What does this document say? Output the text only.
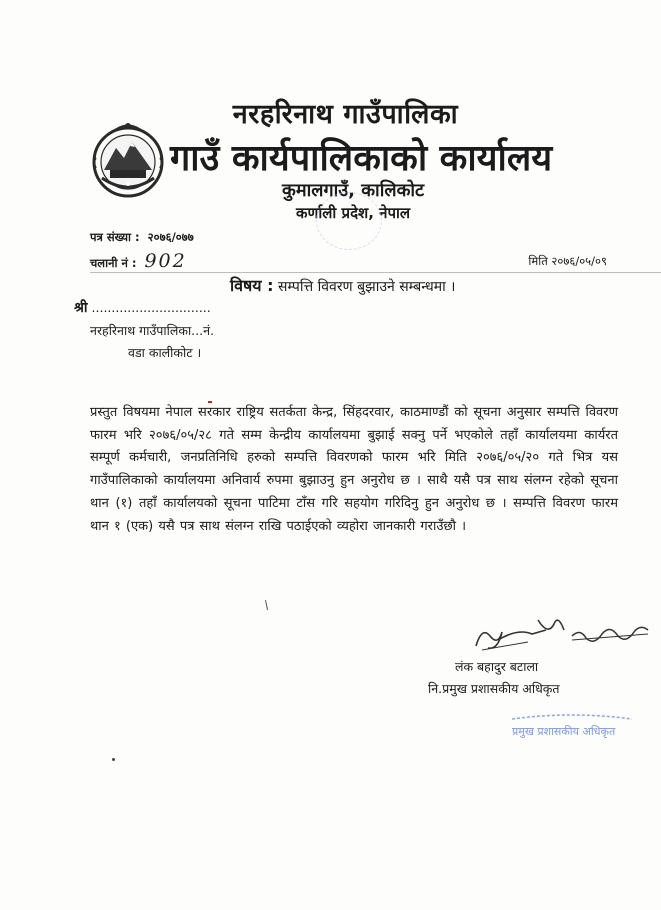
नरहरिनाथ गाउँपालिका
गाउँ कार्यपालिकाको कार्यालय
कुमालगाउँ, कालिकोट
कर्णाली प्रदेश, नेपाल
पत्र संख्या : २०७६/०७७
चलानी नं : 902	मिति २०७६/०५/०९
विषय : सम्पत्ति विवरण बुझाउने सम्बन्धमा ।
श्री ..............................
नरहरिनाथ गाउँपालिका...नं.
वडा कालीकोट ।
प्रस्तुत विषयमा नेपाल सरकार राष्ट्रिय सतर्कता केन्द्र, सिंहदरवार, काठमाण्डौं को सूचना अनुसार सम्पत्ति विवरण फारम भरि २०७६/०५/२८ गते सम्म केन्द्रीय कार्यालयमा बुझाई सक्नु पर्ने भएकोले तहाँ कार्यालयमा कार्यरत सम्पूर्ण कर्मचारी, जनप्रतिनिधि हरुको सम्पत्ति विवरणको फारम भरि मिति २०७६/०५/२० गते भित्र यस गाउँपालिकाको कार्यालयमा अनिवार्य रुपमा बुझाउनु हुन अनुरोध छ । साथै यसै पत्र साथ संलग्न रहेको सूचना थान (१) तहाँ कार्यालयको सूचना पाटिमा टाँस गरि सहयोग गरिदिनु हुन अनुरोध छ । सम्पत्ति विवरण फारम थान १ (एक) यसै पत्र साथ संलग्न राखि पठाईएको व्यहोरा जानकारी गराउँछौ ।
लंक बहादुर बटाला
नि.प्रमुख प्रशासकीय अधिकृत
प्रमुख प्रशासकीय अधिकृत
